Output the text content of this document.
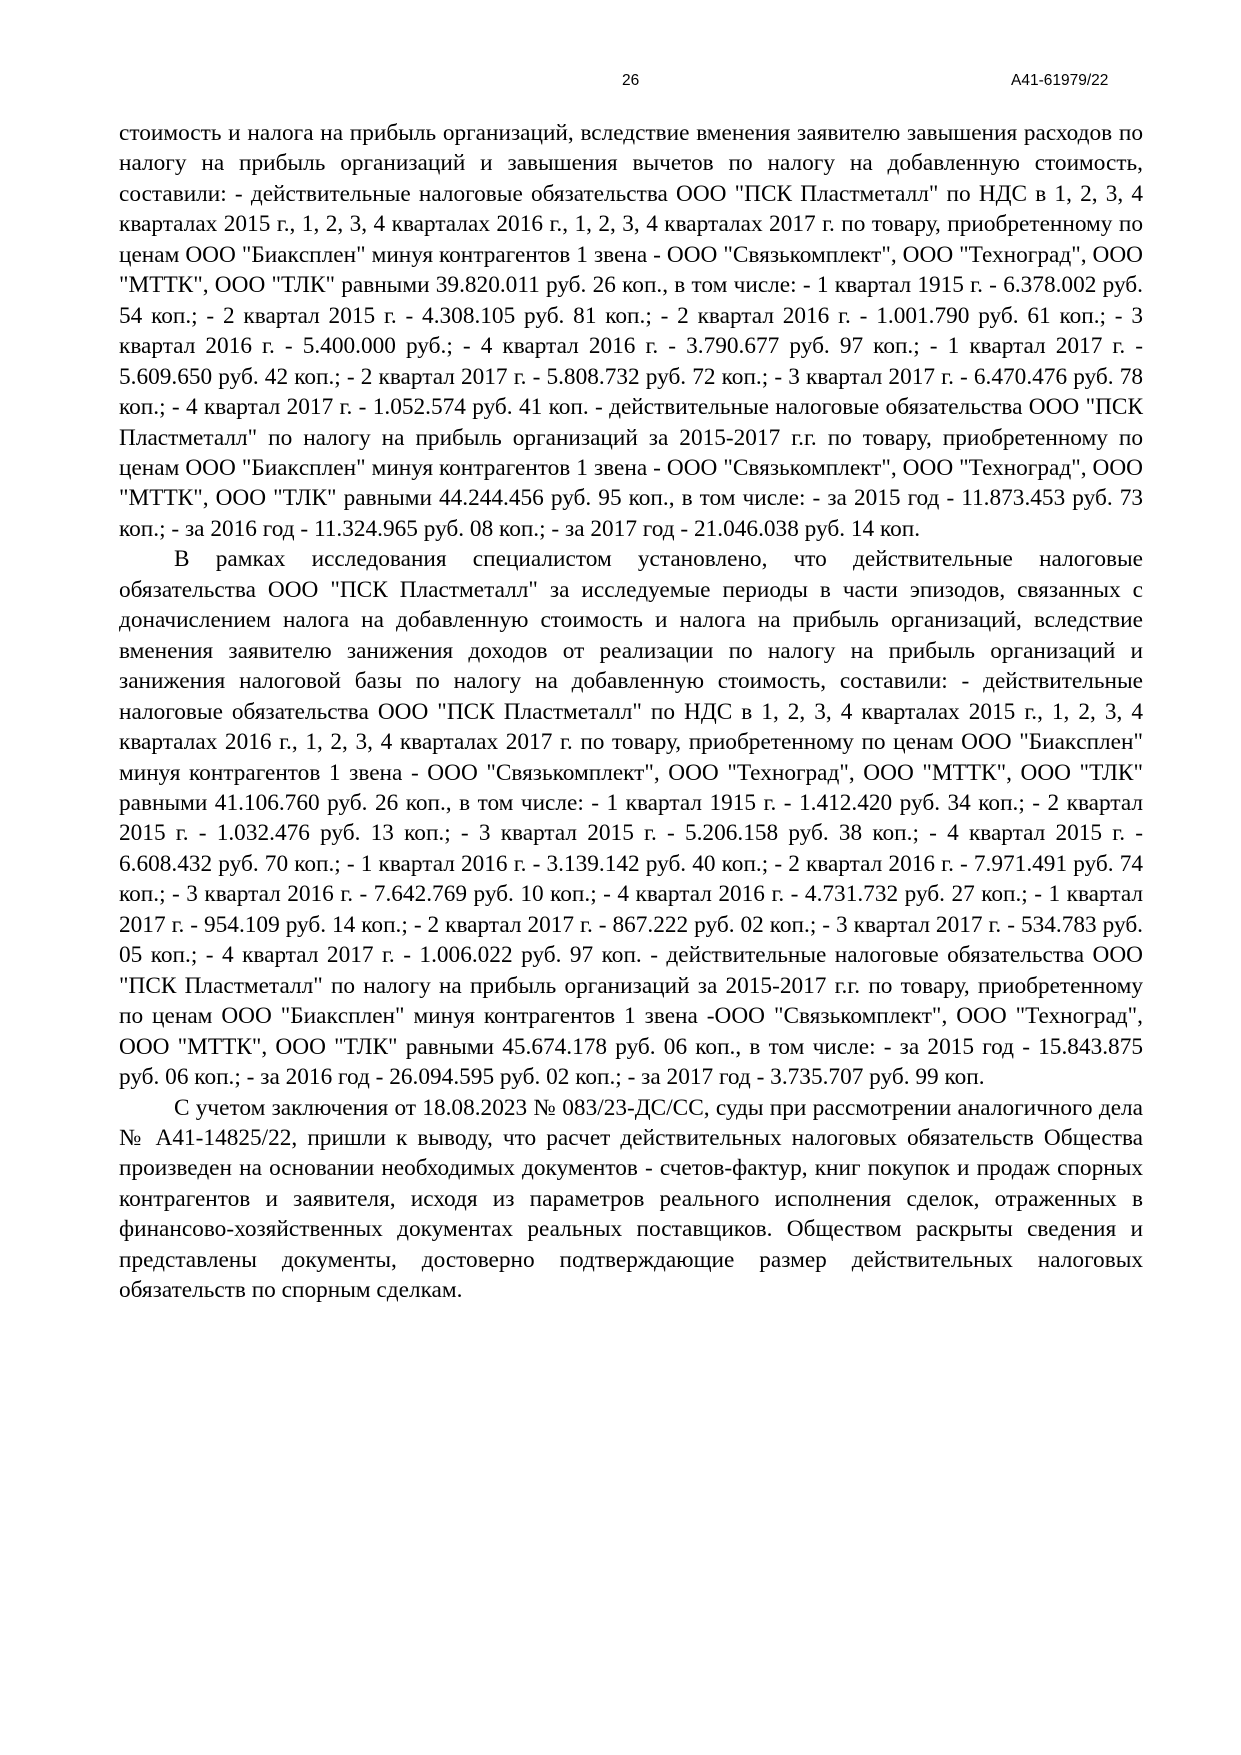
26	А41-61979/22

стоимость и налога на прибыль организаций, вследствие вменения заявителю завышения расходов по налогу на прибыль организаций и завышения вычетов по налогу на добавленную стоимость, составили: - действительные налоговые обязательства ООО "ПСК Пластметалл" по НДС в 1, 2, 3, 4 кварталах 2015 г., 1, 2, 3, 4 кварталах 2016 г., 1, 2, 3, 4 кварталах 2017 г. по товару, приобретенному по ценам ООО "Биакcплен" минуя контрагентов 1 звена - ООО "Связькомплект", ООО "Техноград", ООО "МТТК", ООО "ТЛК" равными 39.820.011 руб. 26 коп., в том числе: - 1 квартал 1915 г. - 6.378.002 руб. 54 коп.; - 2 квартал 2015 г. - 4.308.105 руб. 81 коп.; - 2 квартал 2016 г. - 1.001.790 руб. 61 коп.; - 3 квартал 2016 г. - 5.400.000 руб.; - 4 квартал 2016 г. - 3.790.677 руб. 97 коп.; - 1 квартал 2017 г. - 5.609.650 руб. 42 коп.; - 2 квартал 2017 г. - 5.808.732 руб. 72 коп.; - 3 квартал 2017 г. - 6.470.476 руб. 78 коп.; - 4 квартал 2017 г. - 1.052.574 руб. 41 коп. - действительные налоговые обязательства ООО "ПСК Пластметалл" по налогу на прибыль организаций за 2015-2017 г.г. по товару, приобретенному по ценам ООО "Биакcплен" минуя контрагентов 1 звена - ООО "Связькомплект", ООО "Техноград", ООО "МТТК", ООО "ТЛК" равными 44.244.456 руб. 95 коп., в том числе: - за 2015 год - 11.873.453 руб. 73 коп.; - за 2016 год - 11.324.965 руб. 08 коп.; - за 2017 год - 21.046.038 руб. 14 коп.

В рамках исследования специалистом установлено, что действительные налоговые обязательства ООО "ПСК Пластметалл" за исследуемые периоды в части эпизодов, связанных с доначислением налога на добавленную стоимость и налога на прибыль организаций, вследствие вменения заявителю занижения доходов от реализации по налогу на прибыль организаций и занижения налоговой базы по налогу на добавленную стоимость, составили: - действительные налоговые обязательства ООО "ПСК Пластметалл" по НДС в 1, 2, 3, 4 кварталах 2015 г., 1, 2, 3, 4 кварталах 2016 г., 1, 2, 3, 4 кварталах 2017 г. по товару, приобретенному по ценам ООО "Биакcплен" минуя контрагентов 1 звена - ООО "Связькомплект", ООО "Техноград", ООО "МТТК", ООО "ТЛК" равными 41.106.760 руб. 26 коп., в том числе: - 1 квартал 1915 г. - 1.412.420 руб. 34 коп.; - 2 квартал 2015 г. - 1.032.476 руб. 13 коп.; - 3 квартал 2015 г. - 5.206.158 руб. 38 коп.; - 4 квартал 2015 г. - 6.608.432 руб. 70 коп.; - 1 квартал 2016 г. - 3.139.142 руб. 40 коп.; - 2 квартал 2016 г. - 7.971.491 руб. 74 коп.; - 3 квартал 2016 г. - 7.642.769 руб. 10 коп.; - 4 квартал 2016 г. - 4.731.732 руб. 27 коп.; - 1 квартал 2017 г. - 954.109 руб. 14 коп.; - 2 квартал 2017 г. - 867.222 руб. 02 коп.; - 3 квартал 2017 г. - 534.783 руб. 05 коп.; - 4 квартал 2017 г. - 1.006.022 руб. 97 коп. - действительные налоговые обязательства ООО "ПСК Пластметалл" по налогу на прибыль организаций за 2015-2017 г.г. по товару, приобретенному по ценам ООО "Биакcплен" минуя контрагентов 1 звена -ООО "Связькомплект", ООО "Техноград", ООО "МТТК", ООО "ТЛК" равными 45.674.178 руб. 06 коп., в том числе: - за 2015 год - 15.843.875 руб. 06 коп.; - за 2016 год - 26.094.595 руб. 02 коп.; - за 2017 год - 3.735.707 руб. 99 коп.

С учетом заключения от 18.08.2023 № 083/23-ДС/СС, суды при рассмотрении аналогичного дела № А41-14825/22, пришли к выводу, что расчет действительных налоговых обязательств Общества произведен на основании необходимых документов - счетов-фактур, книг покупок и продаж спорных контрагентов и заявителя, исходя из параметров реального исполнения сделок, отраженных в финансово-хозяйственных документах реальных поставщиков. Обществом раскрыты сведения и представлены документы, достоверно подтверждающие размер действительных налоговых обязательств по спорным сделкам.
